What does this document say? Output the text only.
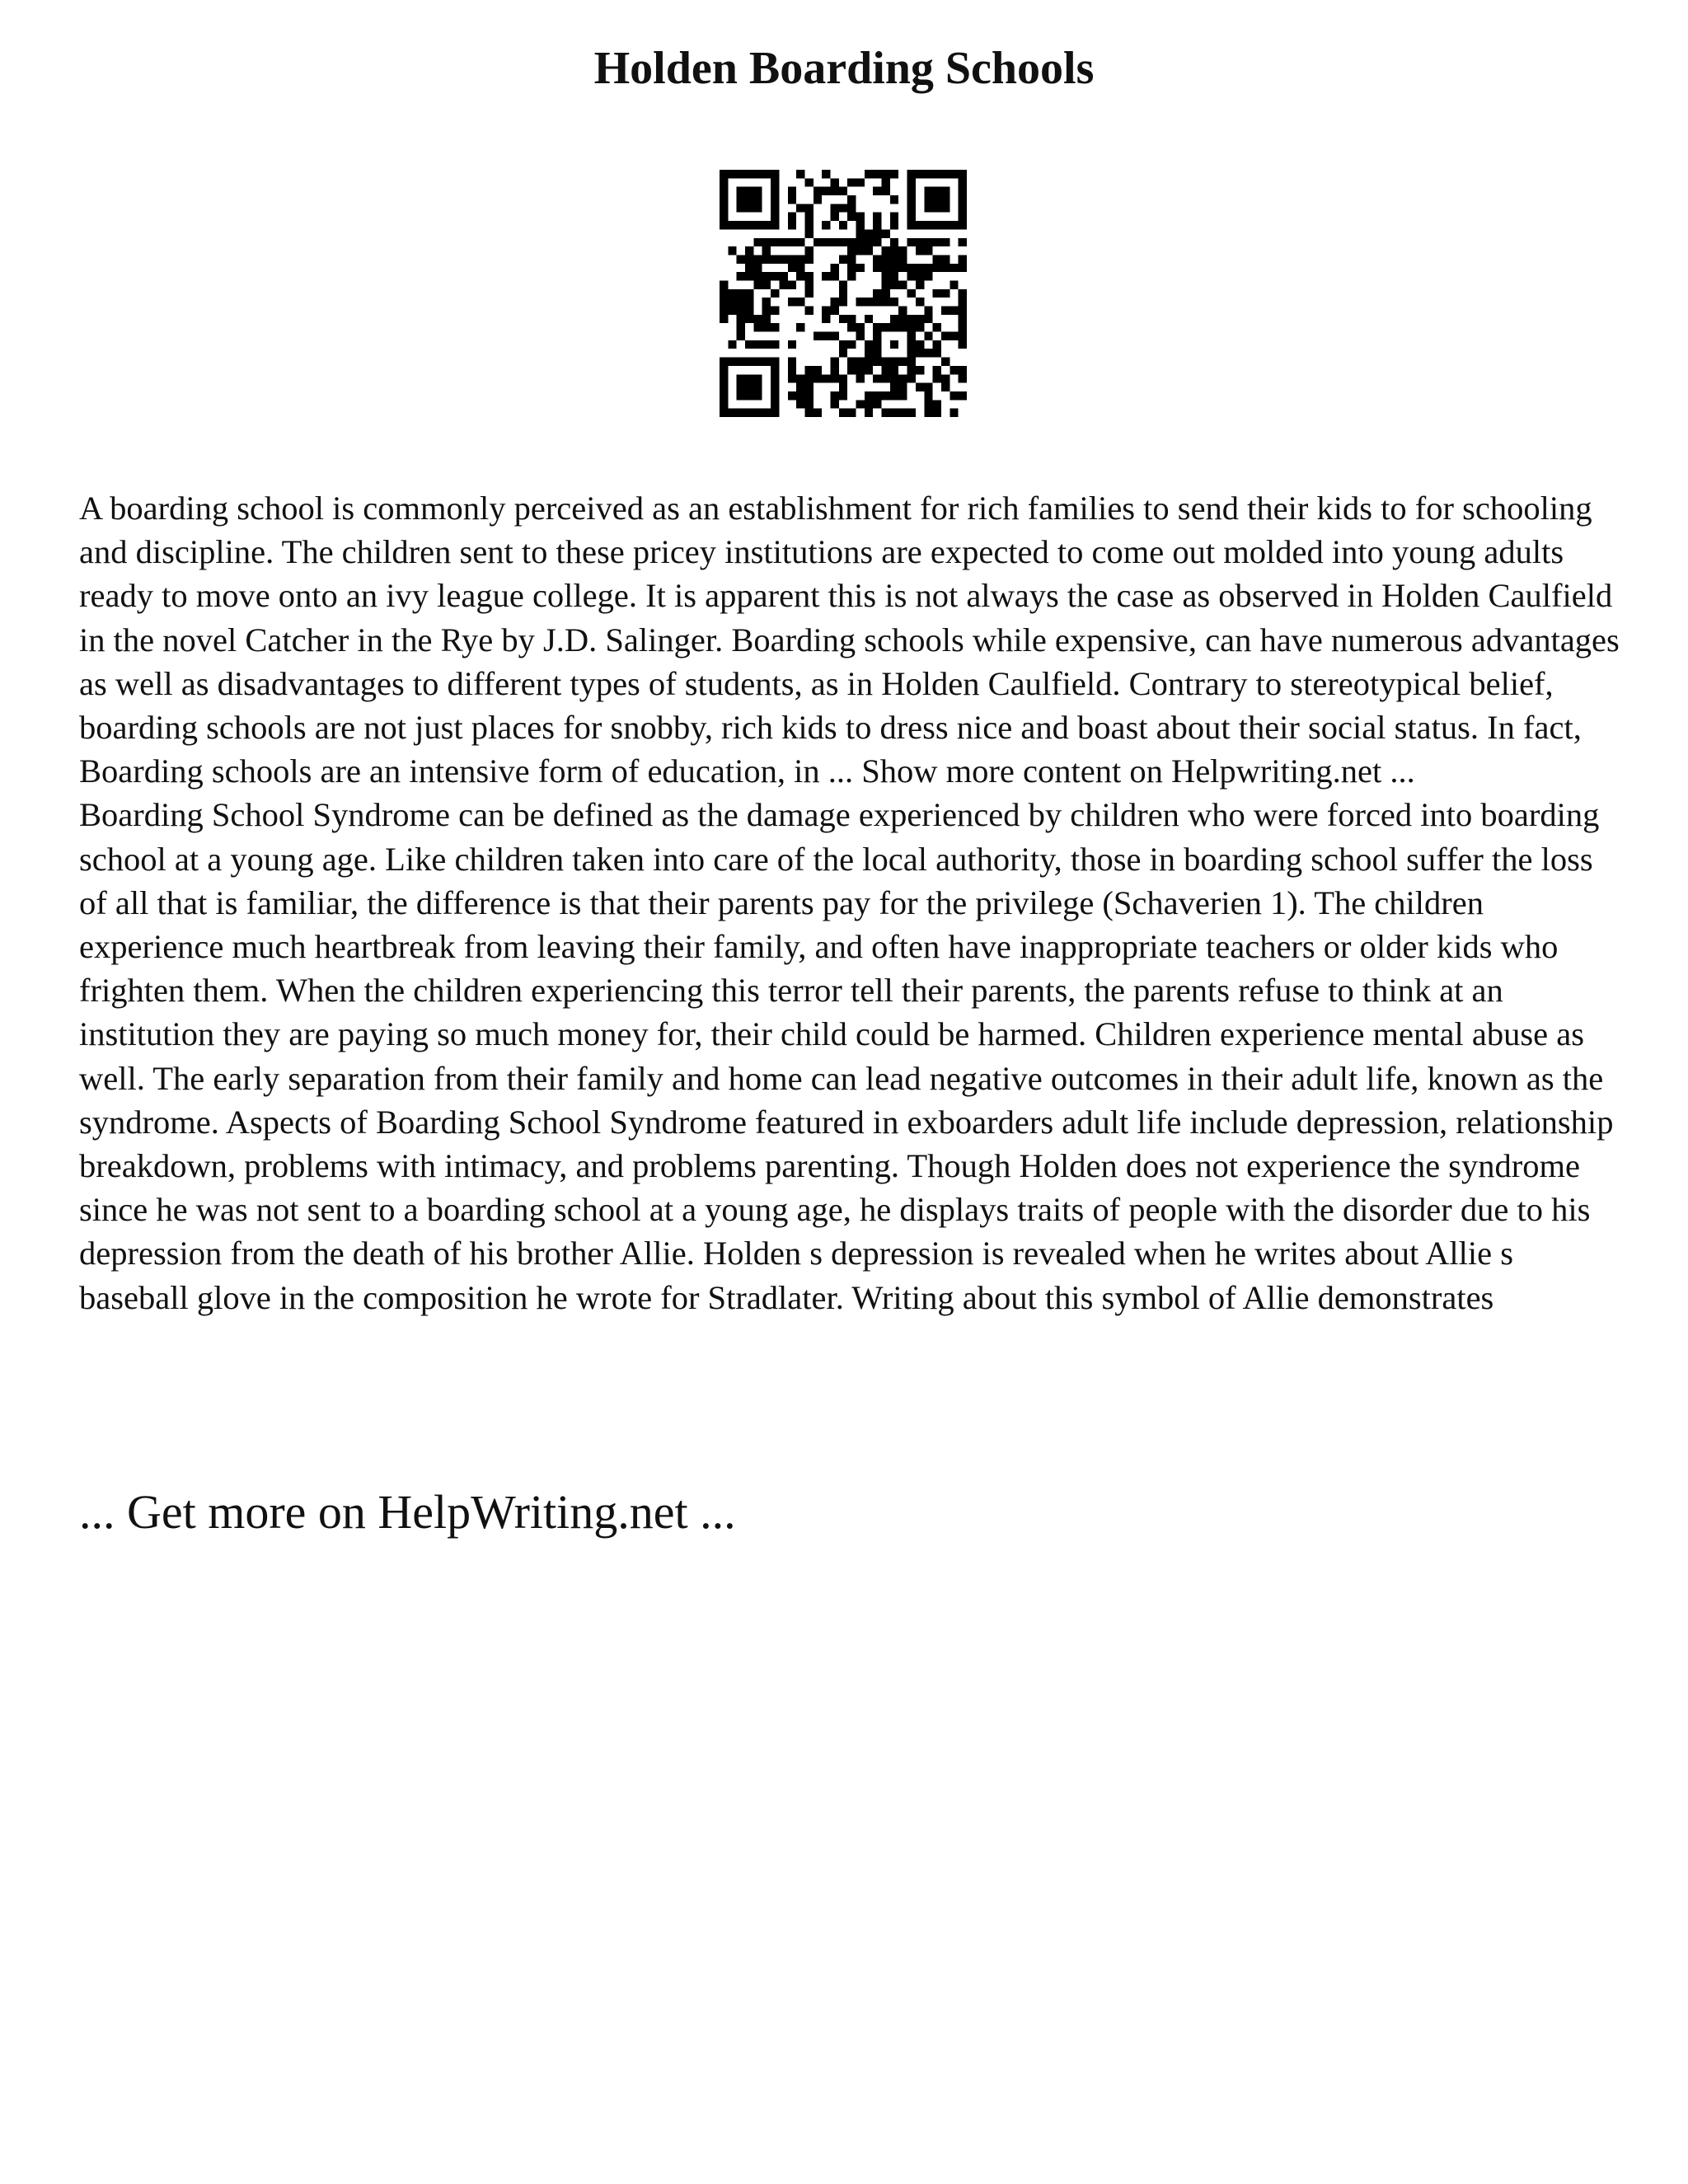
Holden Boarding Schools

A boarding school is commonly perceived as an establishment for rich families to send their kids to for schooling and discipline. The children sent to these pricey institutions are expected to come out molded into young adults ready to move onto an ivy league college. It is apparent this is not always the case as observed in Holden Caulfield in the novel Catcher in the Rye by J.D. Salinger. Boarding schools while expensive, can have numerous advantages as well as disadvantages to different types of students, as in Holden Caulfield. Contrary to stereotypical belief, boarding schools are not just places for snobby, rich kids to dress nice and boast about their social status. In fact, Boarding schools are an intensive form of education, in ... Show more content on Helpwriting.net ...

Boarding School Syndrome can be defined as the damage experienced by children who were forced into boarding school at a young age. Like children taken into care of the local authority, those in boarding school suffer the loss of all that is familiar, the difference is that their parents pay for the privilege (Schaverien 1). The children experience much heartbreak from leaving their family, and often have inappropriate teachers or older kids who frighten them. When the children experiencing this terror tell their parents, the parents refuse to think at an institution they are paying so much money for, their child could be harmed. Children experience mental abuse as well. The early separation from their family and home can lead negative outcomes in their adult life, known as the syndrome. Aspects of Boarding School Syndrome featured in exboarders adult life include depression, relationship breakdown, problems with intimacy, and problems parenting. Though Holden does not experience the syndrome since he was not sent to a boarding school at a young age, he displays traits of people with the disorder due to his depression from the death of his brother Allie. Holden s depression is revealed when he writes about Allie s baseball glove in the composition he wrote for Stradlater. Writing about this symbol of Allie demonstrates

... Get more on HelpWriting.net ...
